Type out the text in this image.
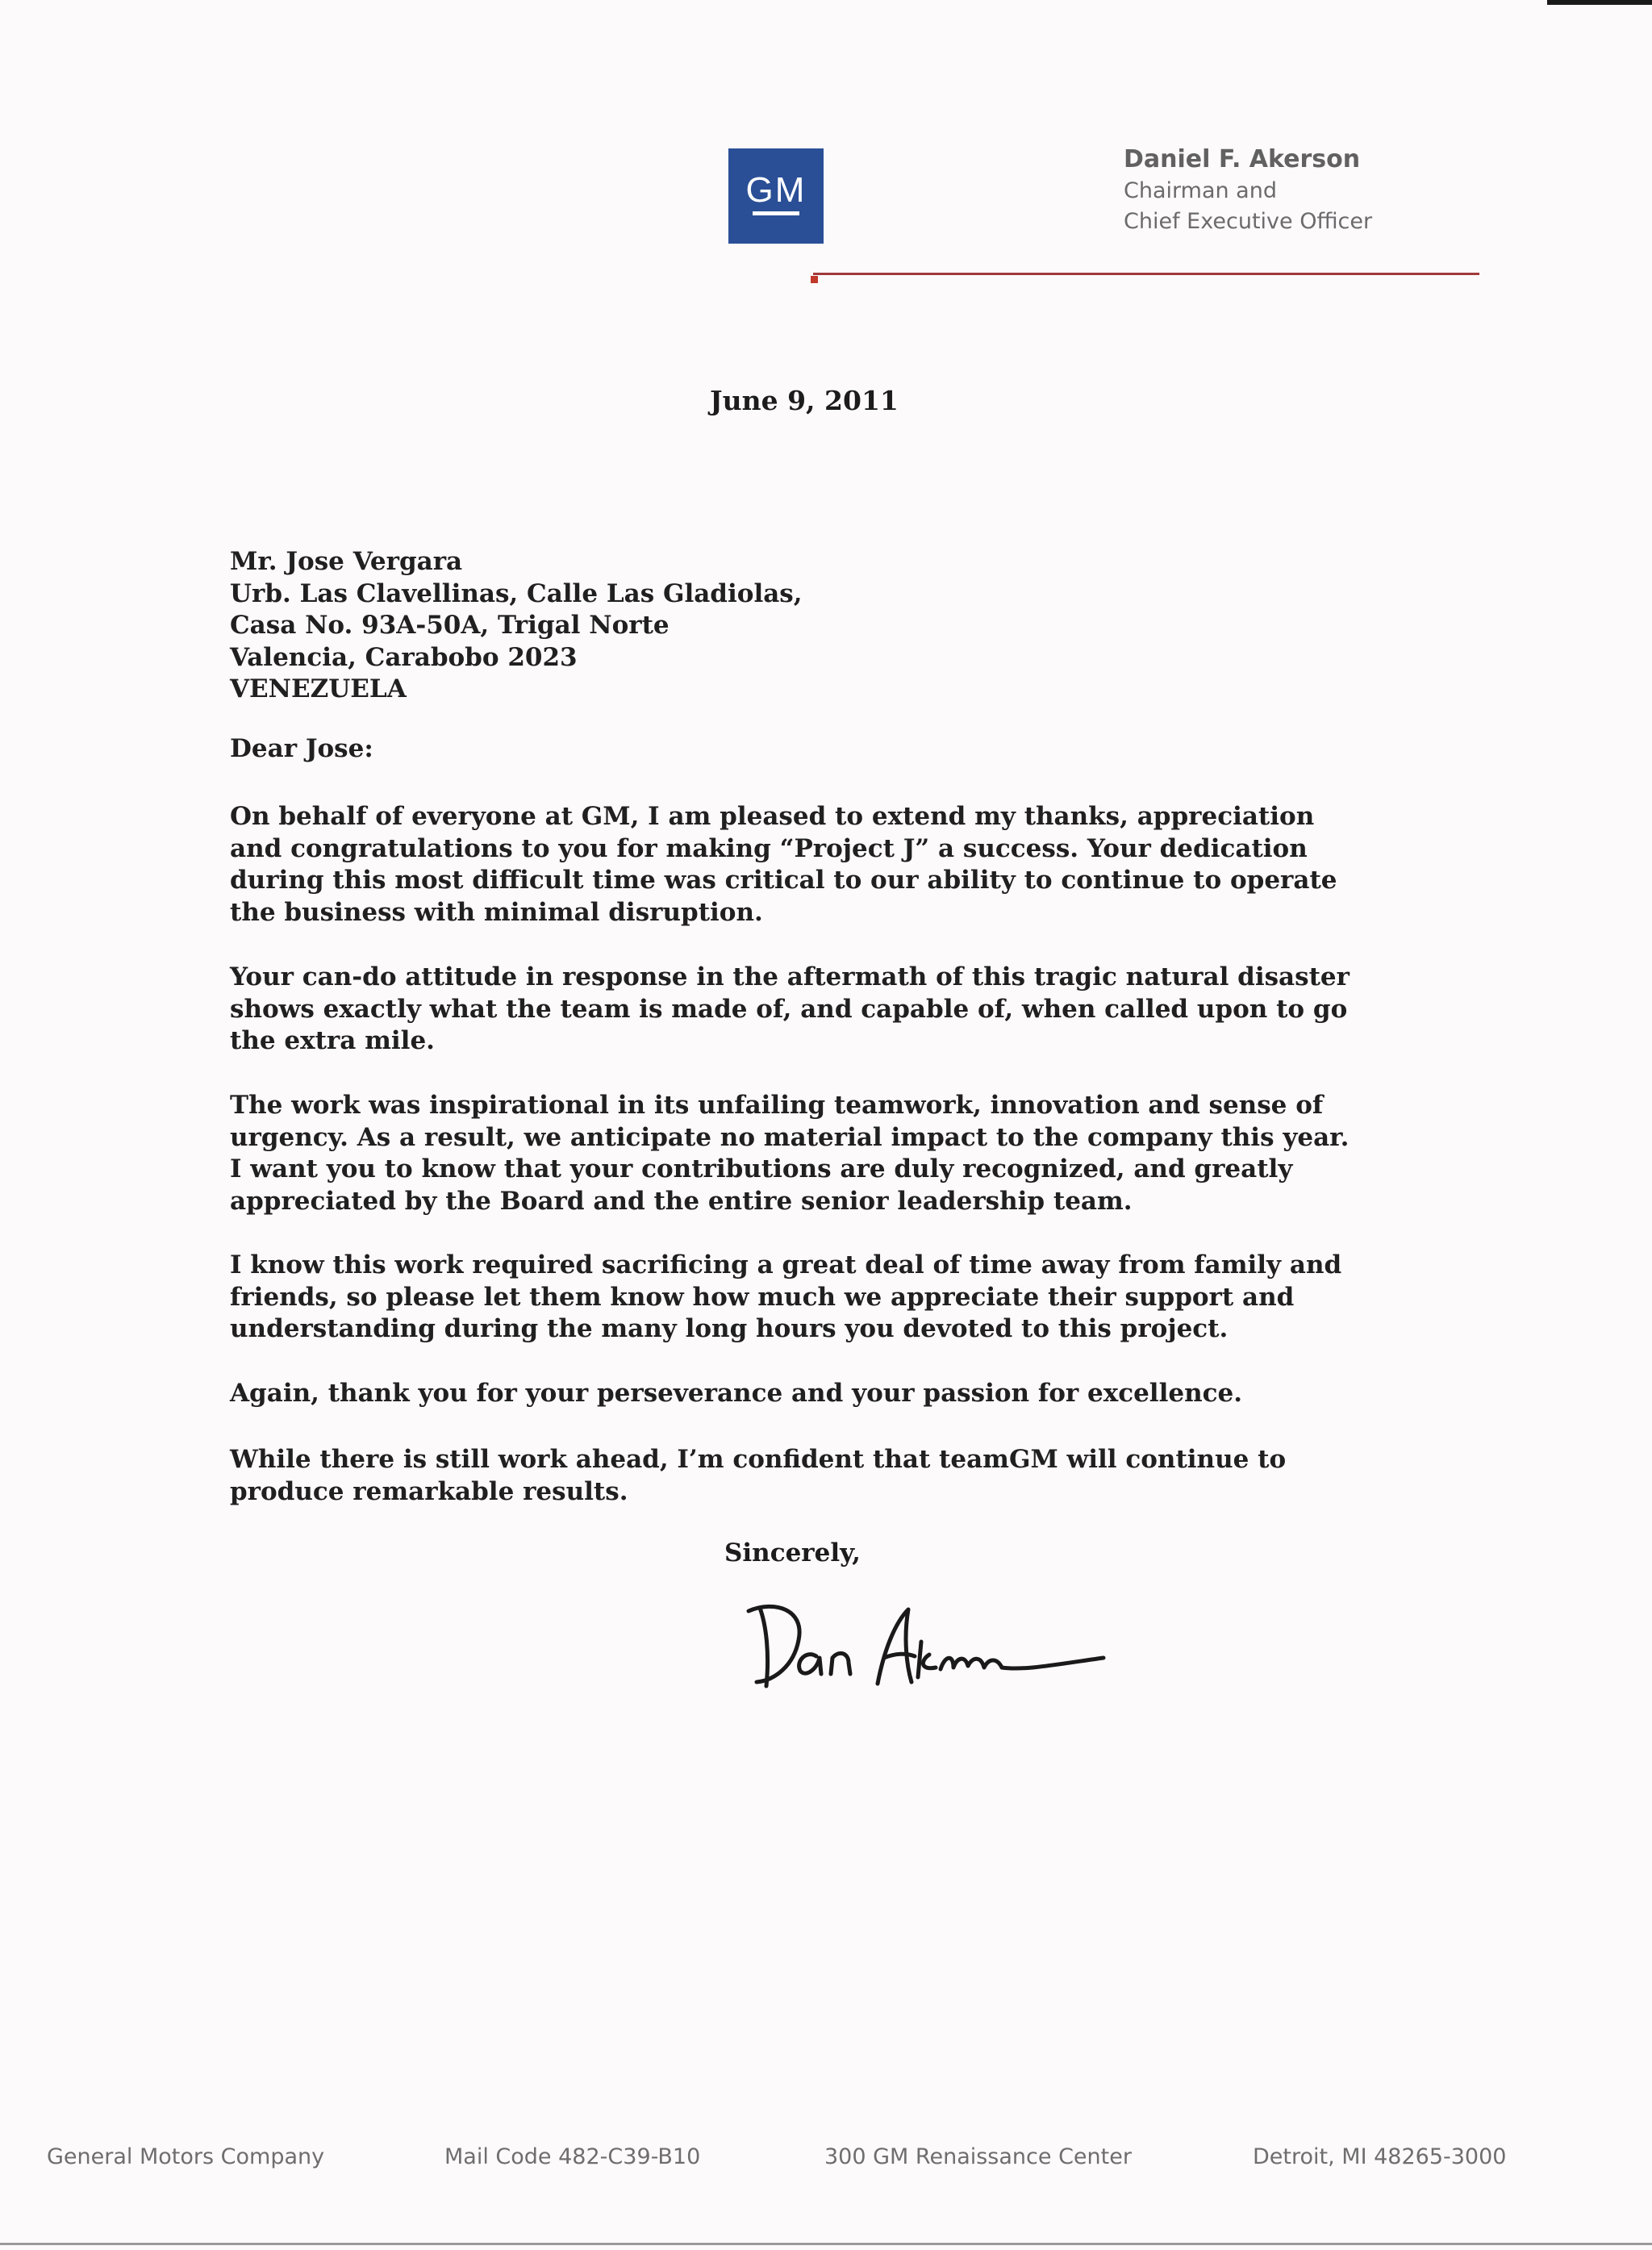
GM
Daniel F. Akerson
Chairman and
Chief Executive Officer
June 9, 2011
Mr. Jose Vergara
Urb. Las Clavellinas, Calle Las Gladiolas,
Casa No. 93A-50A, Trigal Norte
Valencia, Carabobo 2023
VENEZUELA
Dear Jose:
On behalf of everyone at GM, I am pleased to extend my thanks, appreciation
and congratulations to you for making “Project J” a success. Your dedication
during this most difficult time was critical to our ability to continue to operate
the business with minimal disruption.
Your can-do attitude in response in the aftermath of this tragic natural disaster
shows exactly what the team is made of, and capable of, when called upon to go
the extra mile.
The work was inspirational in its unfailing teamwork, innovation and sense of
urgency. As a result, we anticipate no material impact to the company this year.
I want you to know that your contributions are duly recognized, and greatly
appreciated by the Board and the entire senior leadership team.
I know this work required sacrificing a great deal of time away from family and
friends, so please let them know how much we appreciate their support and
understanding during the many long hours you devoted to this project.
Again, thank you for your perseverance and your passion for excellence.
While there is still work ahead, I’m confident that teamGM will continue to
produce remarkable results.
Sincerely,
General Motors Company	Mail Code 482-C39-B10	300 GM Renaissance Center	Detroit, MI 48265-3000
